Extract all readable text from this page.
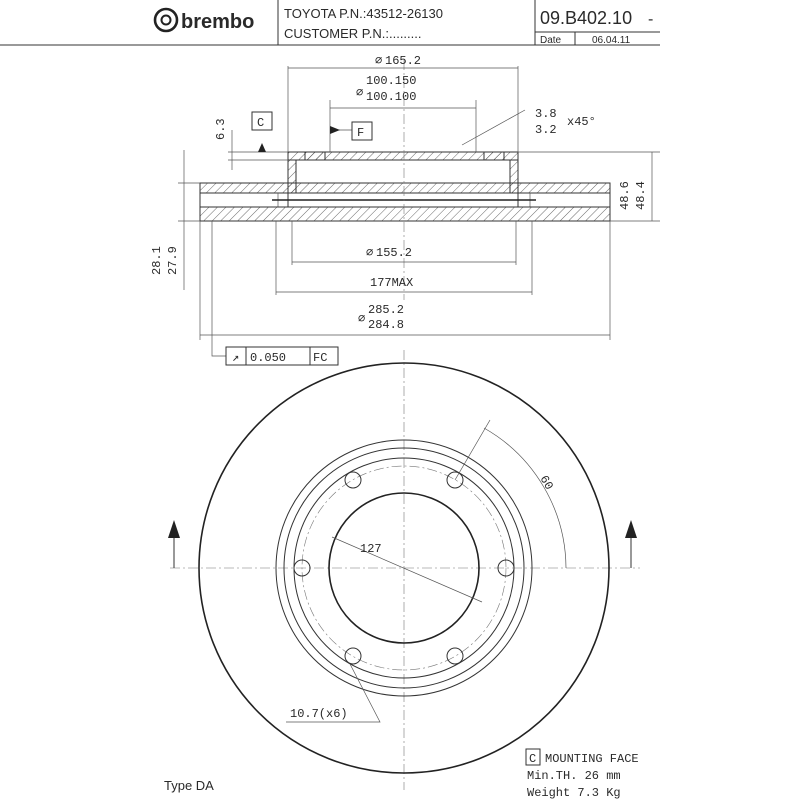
brembo TOYOTA P.N.:43512-26130
CUSTOMER P.N.:.........
09.B402.10 -
Date	06.04.11
⌀ 165.2
⌀
100.150
100.100
3.8
3.2
x45°
6.3 C
F
48.6 48.4
28.1 27.9	⌀ 155.2
177MAX
⌀
285.2
284.8
↗ 0.050 FC
60
127
10.7(x6)
Type DA
C MOUNTING FACE
Min.TH. 26 mm
Weight 7.3 Kg
